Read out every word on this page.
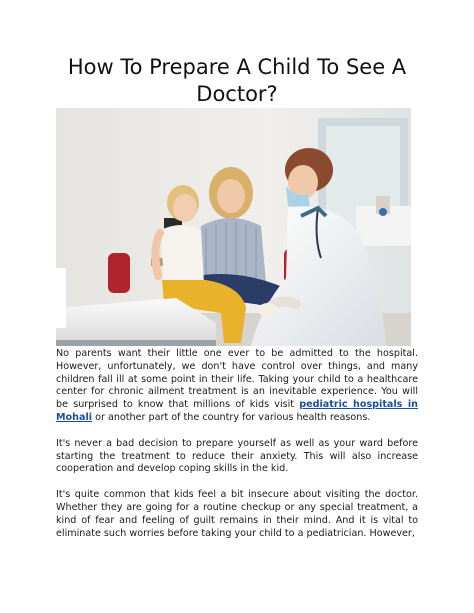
How To Prepare A Child To See A Doctor?

No parents want their little one ever to be admitted to the hospital. However, unfortunately, we don't have control over things, and many children fall ill at some point in their life. Taking your child to a healthcare center for chronic ailment treatment is an inevitable experience. You will be surprised to know that millions of kids visit pediatric hospitals in Mohali or another part of the country for various health reasons.

It's never a bad decision to prepare yourself as well as your ward before starting the treatment to reduce their anxiety. This will also increase cooperation and develop coping skills in the kid.

It's quite common that kids feel a bit insecure about visiting the doctor. Whether they are going for a routine checkup or any special treatment, a kind of fear and feeling of guilt remains in their mind. And it is vital to eliminate such worries before taking your child to a pediatrician. However,
